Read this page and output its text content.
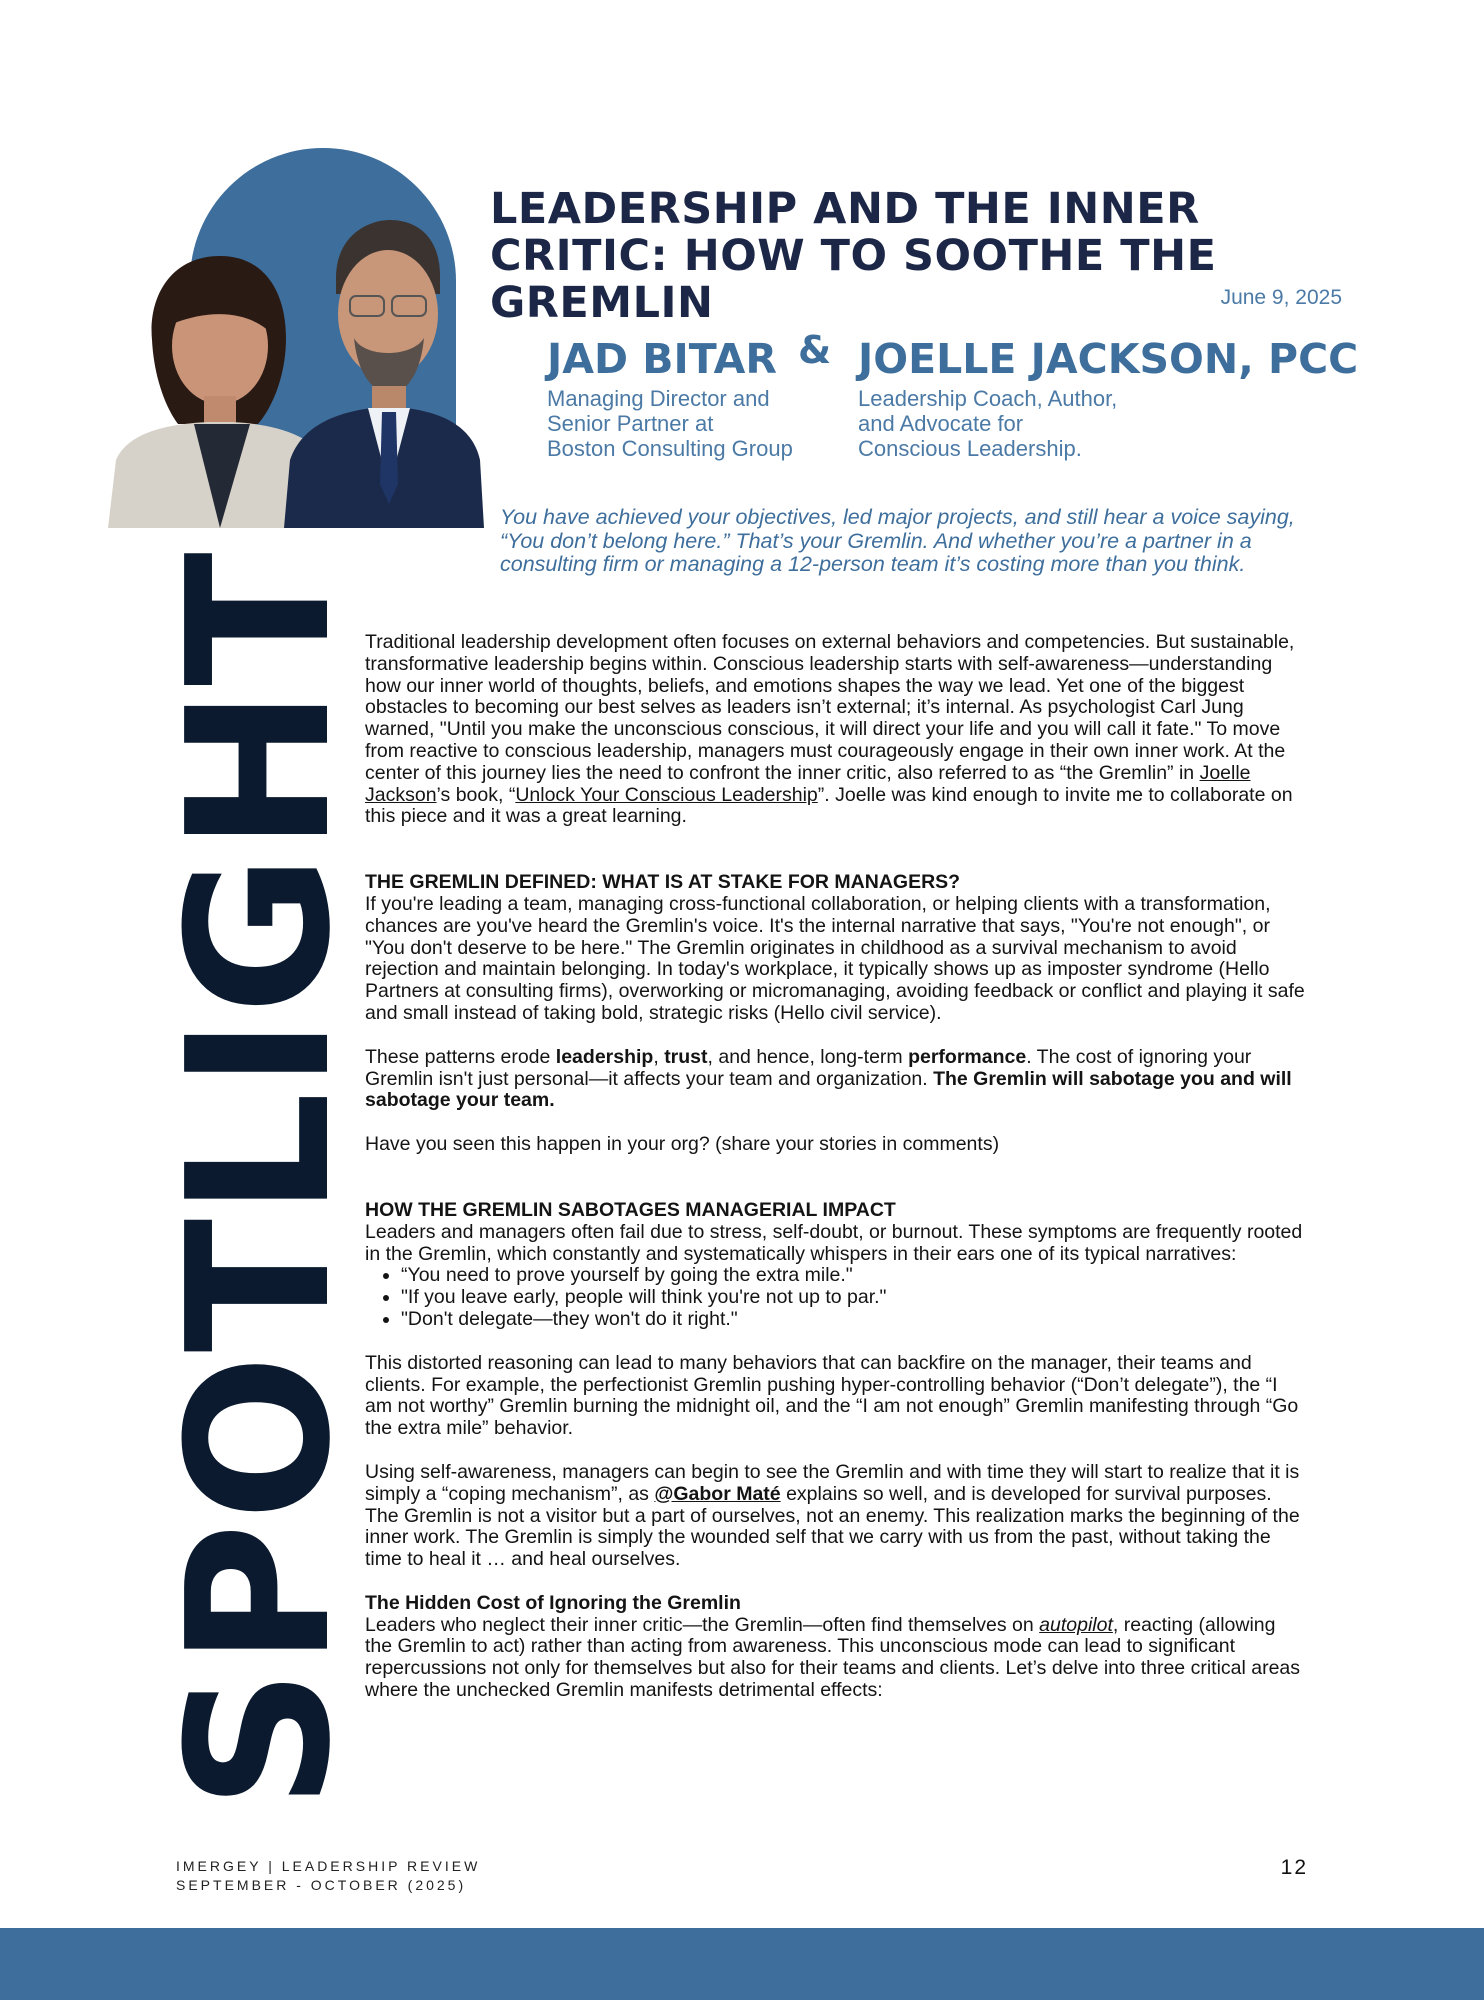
LEADERSHIP AND THE INNER CRITIC: HOW TO SOOTHE THE GREMLIN	June 9, 2025
JAD BITAR
Managing Director and
Senior Partner at
Boston Consulting Group
& JOELLE JACKSON, PCC
Leadership Coach, Author,
and Advocate for
Conscious Leadership.

You have achieved your objectives, led major projects, and still hear a voice saying, “You don’t belong here.” That’s your Gremlin. And whether you’re a partner in a consulting firm or managing a 12-person team it’s costing more than you think.

SPOTLIGHT

Traditional leadership development often focuses on external behaviors and competencies. But sustainable, transformative leadership begins within. Conscious leadership starts with self-awareness—understanding how our inner world of thoughts, beliefs, and emotions shapes the way we lead. Yet one of the biggest obstacles to becoming our best selves as leaders isn’t external; it’s internal. As psychologist Carl Jung warned, "Until you make the unconscious conscious, it will direct your life and you will call it fate." To move from reactive to conscious leadership, managers must courageously engage in their own inner work. At the center of this journey lies the need to confront the inner critic, also referred to as “the Gremlin” in Joelle Jackson’s book, “Unlock Your Conscious Leadership”. Joelle was kind enough to invite me to collaborate on this piece and it was a great learning.

THE GREMLIN DEFINED: WHAT IS AT STAKE FOR MANAGERS?

If you're leading a team, managing cross-functional collaboration, or helping clients with a transformation, chances are you've heard the Gremlin's voice. It's the internal narrative that says, "You're not enough", or "You don't deserve to be here." The Gremlin originates in childhood as a survival mechanism to avoid rejection and maintain belonging. In today's workplace, it typically shows up as imposter syndrome (Hello Partners at consulting firms), overworking or micromanaging, avoiding feedback or conflict and playing it safe and small instead of taking bold, strategic risks (Hello civil service).

These patterns erode leadership, trust, and hence, long-term performance. The cost of ignoring your Gremlin isn't just personal—it affects your team and organization. The Gremlin will sabotage you and will sabotage your team.

Have you seen this happen in your org? (share your stories in comments)

HOW THE GREMLIN SABOTAGES MANAGERIAL IMPACT

Leaders and managers often fail due to stress, self-doubt, or burnout. These symptoms are frequently rooted in the Gremlin, which constantly and systematically whispers in their ears one of its typical narratives:

• “You need to prove yourself by going the extra mile."
• "If you leave early, people will think you're not up to par."
• "Don't delegate—they won't do it right."

This distorted reasoning can lead to many behaviors that can backfire on the manager, their teams and clients. For example, the perfectionist Gremlin pushing hyper-controlling behavior (“Don’t delegate”), the “I am not worthy” Gremlin burning the midnight oil, and the “I am not enough” Gremlin manifesting through “Go the extra mile” behavior.

Using self-awareness, managers can begin to see the Gremlin and with time they will start to realize that it is simply a “coping mechanism”, as @Gabor Maté explains so well, and is developed for survival purposes. The Gremlin is not a visitor but a part of ourselves, not an enemy. This realization marks the beginning of the inner work. The Gremlin is simply the wounded self that we carry with us from the past, without taking the time to heal it … and heal ourselves.

The Hidden Cost of Ignoring the Gremlin

Leaders who neglect their inner critic—the Gremlin—often find themselves on autopilot, reacting (allowing the Gremlin to act) rather than acting from awareness. This unconscious mode can lead to significant repercussions not only for themselves but also for their teams and clients. Let’s delve into three critical areas where the unchecked Gremlin manifests detrimental effects:

IMERGEY | LEADERSHIP REVIEW
SEPTEMBER - OCTOBER (2025)
12
